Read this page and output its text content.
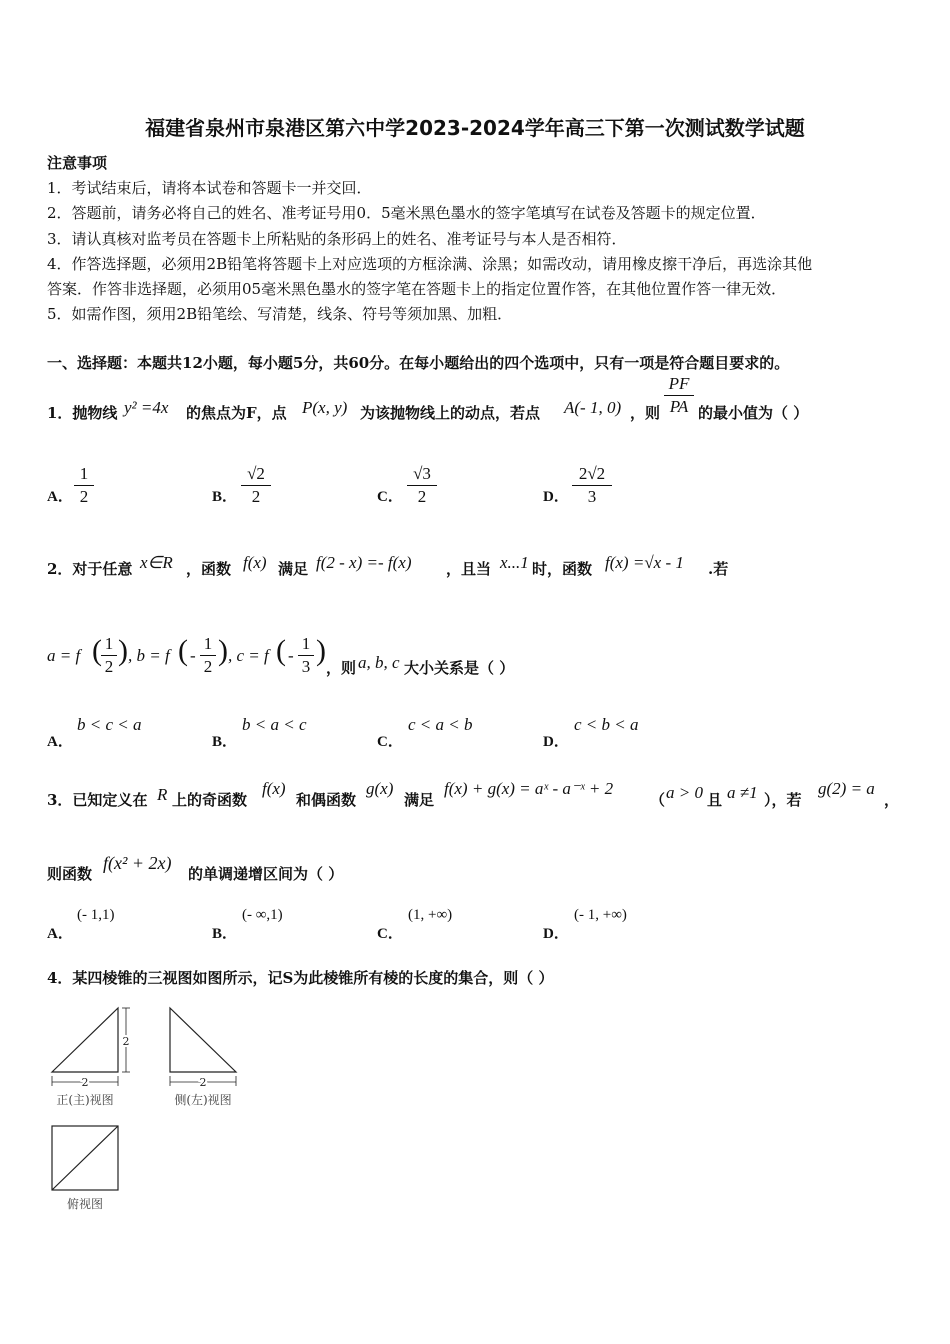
福建省泉州市泉港区第六中学2023-2024学年高三下第一次测试数学试题
注意事项
1．考试结束后，请将本试卷和答题卡一并交回．
2．答题前，请务必将自己的姓名、准考证号用0．5毫米黑色墨水的签字笔填写在试卷及答题卡的规定位置．
3．请认真核对监考员在答题卡上所粘贴的条形码上的姓名、准考证号与本人是否相符．
4．作答选择题，必须用2B铅笔将答题卡上对应选项的方框涂满、涂黑；如需改动，请用橡皮擦干净后，再选涂其他
答案．作答非选择题，必须用05毫米黑色墨水的签字笔在答题卡上的指定位置作答，在其他位置作答一律无效．
5．如需作图，须用2B铅笔绘、写清楚，线条、符号等须加黑、加粗．
一、选择题：本题共12小题，每小题5分，共60分。在每小题给出的四个选项中，只有一项是符合题目要求的。
1．抛物线 y² =4x 的焦点为F，点 P(x, y) 为该抛物线上的动点，若点 A(- 1, 0) ，则
PF
PA 的最小值为（ ）
A．
1
2	B．
√2
2	C．
√3
2	D．
2√2
3
2．对于任意 x∈R ，函数 f(x) 满足 f(2 - x) =- f(x) ，且当 x...1 时，函数 f(x) =√x - 1 .若
a = f ( 1
2 ) , b = f ( -
1
2 ) , c = f ( -
1
3 )
，则 a, b, c 大小关系是（ ）
A．
b < c < a
B．
b < a < c
C．
c < a < b
D．
c < b < a
3．已知定义在 R 上的奇函数
f(x)
和偶函数
g(x)
满足
f(x) + g(x) = aˣ - a⁻ˣ + 2
（ a > 0 且 a ≠1 ），若
g(2) = a
，
则函数
f(x² + 2x)
的单调递增区间为（ ）
A．
(- 1,1)
B．
(- ∞,1)
C．
(1, +∞)
D．
(- 1, +∞)
4．某四棱锥的三视图如图所示，记S为此棱锥所有棱的长度的集合，则（ ）
2
2
正(主)视图
2
侧(左)视图
俯视图
